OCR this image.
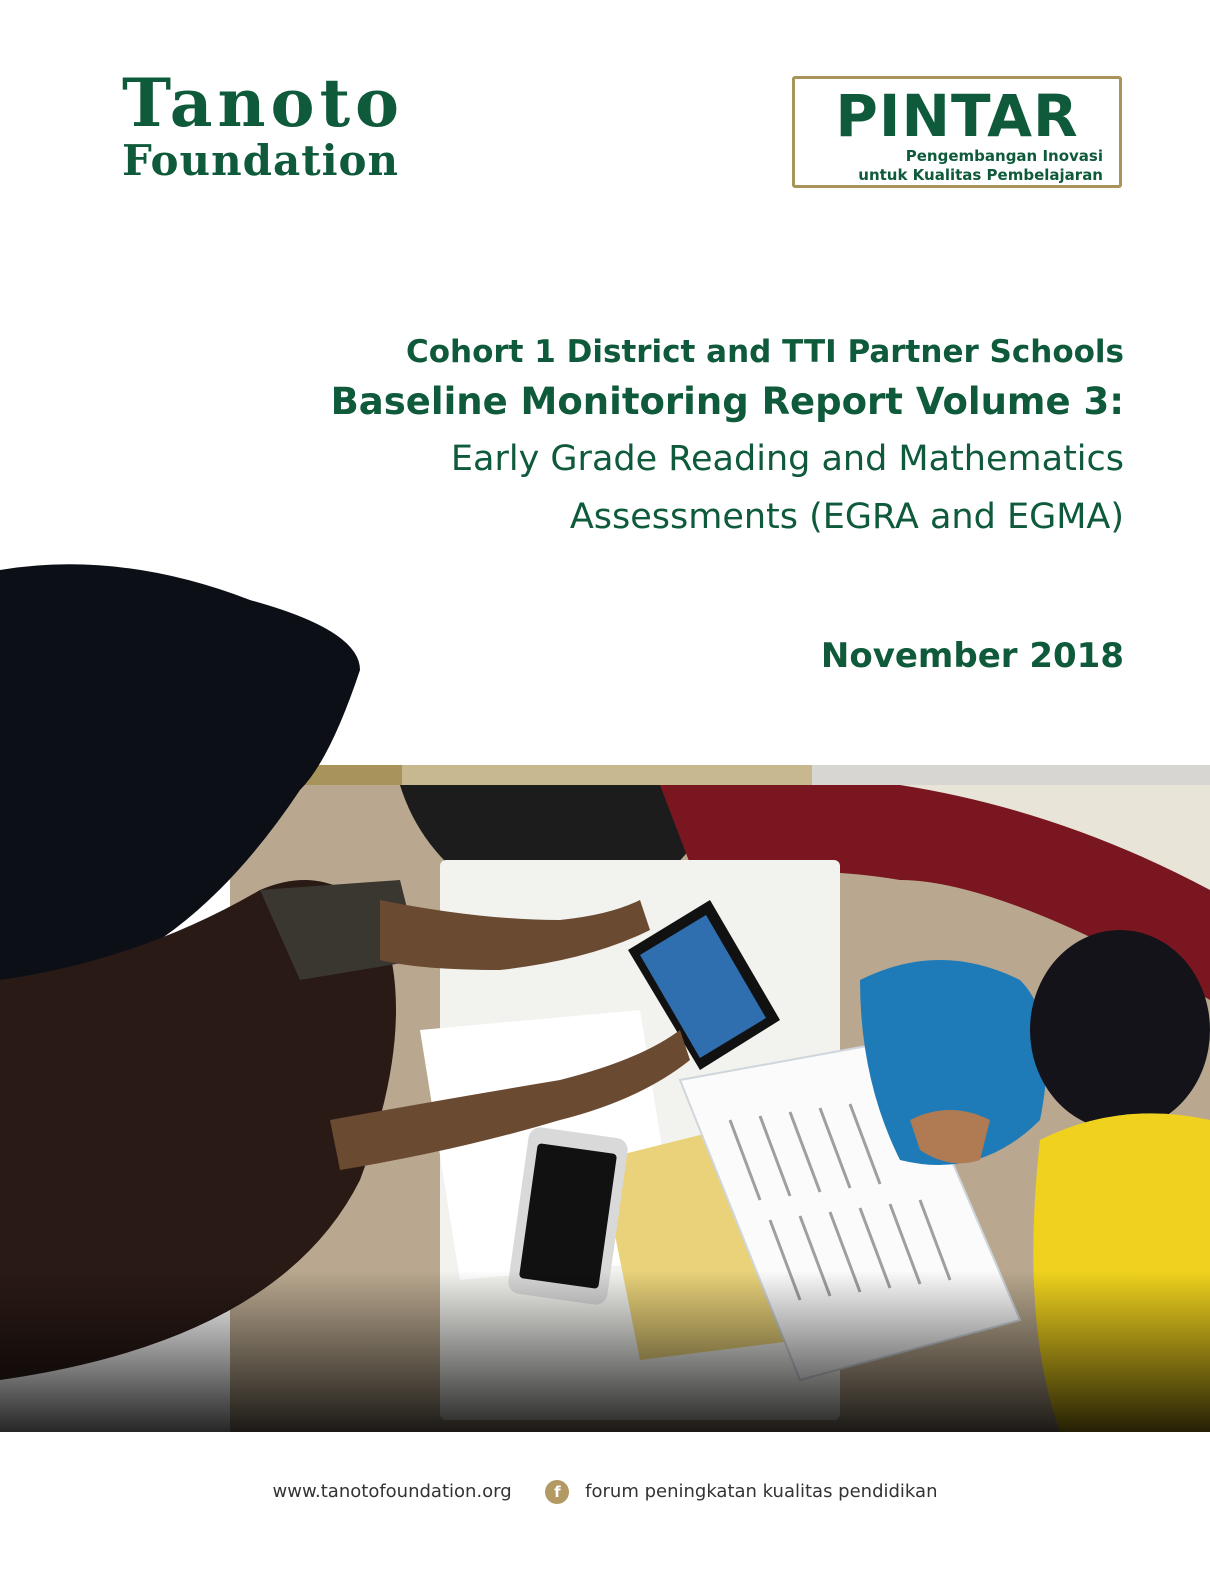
Tanoto
Foundation
PINTAR
Pengembangan Inovasi
untuk Kualitas Pembelajaran
Cohort 1 District and TTI Partner Schools
Baseline Monitoring Report Volume 3:
Early Grade Reading and Mathematics
Assessments (EGRA and EGMA)
November 2018
www.tanotofoundation.org	f forum peningkatan kualitas pendidikan
